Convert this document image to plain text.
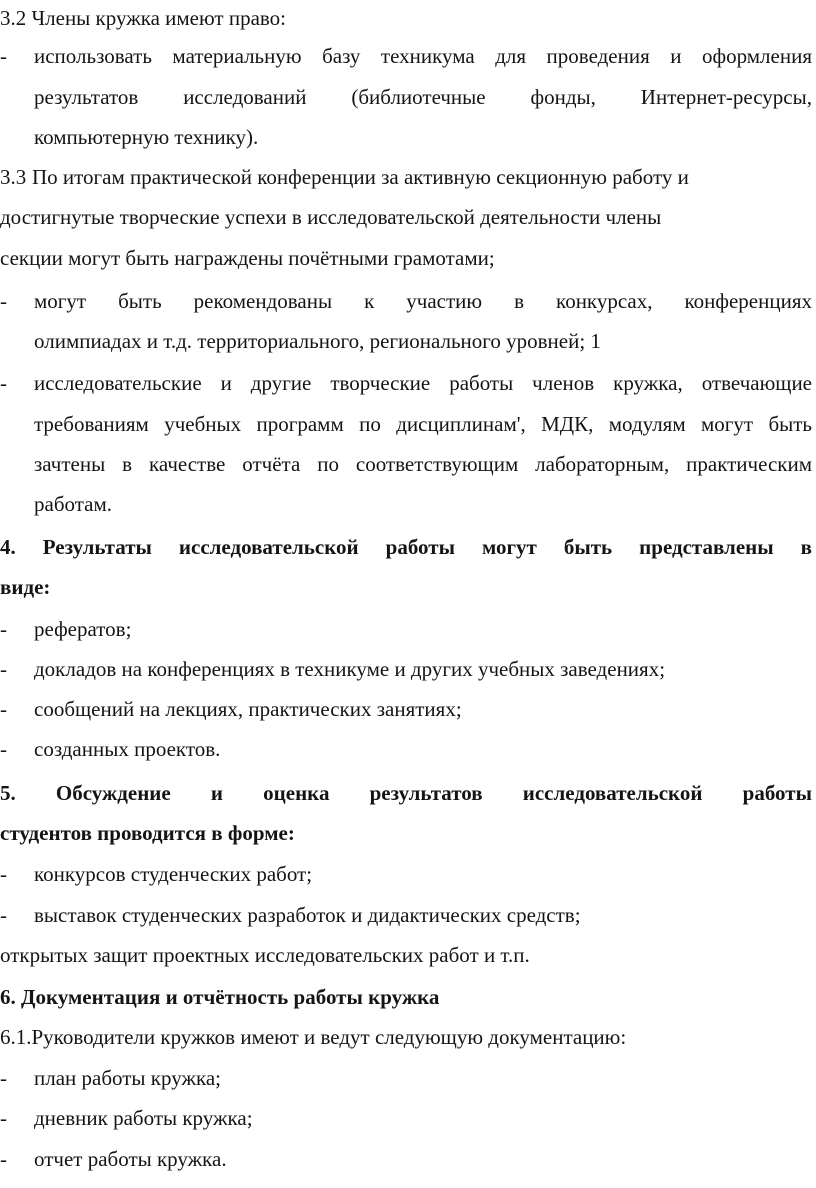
3.2 Члены кружка имеют право:
-	использовать материальную базу техникума для проведения и оформления
результатов исследований (библиотечные фонды, Интернет-ресурсы,
компьютерную технику).
3.3 По итогам практической конференции за активную секционную работу и
достигнутые творческие успехи в исследовательской деятельности члены
секции могут быть награждены почётными грамотами;
-	могут быть рекомендованы к участию в конкурсах, конференциях
олимпиадах и т.д. территориального, регионального уровней; 1
-	исследовательские и другие творческие работы членов кружка, отвечающие
требованиям учебных программ по дисциплинам', МДК, модулям могут быть
зачтены в качестве отчёта по соответствующим лабораторным, практическим
работам.
4. Результаты исследовательской работы могут быть представлены в
виде:
-	рефератов;
-	докладов на конференциях в техникуме и других учебных заведениях;
-	сообщений на лекциях, практических занятиях;
-	созданных проектов.
5. Обсуждение и оценка результатов исследовательской работы
студентов проводится в форме:
-	конкурсов студенческих работ;
-	выставок студенческих разработок и дидактических средств;
открытых защит проектных исследовательских работ и т.п.
6. Документация и отчётность работы кружка
6.1.Руководители кружков имеют и ведут следующую документацию:
-	план работы кружка;
-	дневник работы кружка;
-	отчет работы кружка.
